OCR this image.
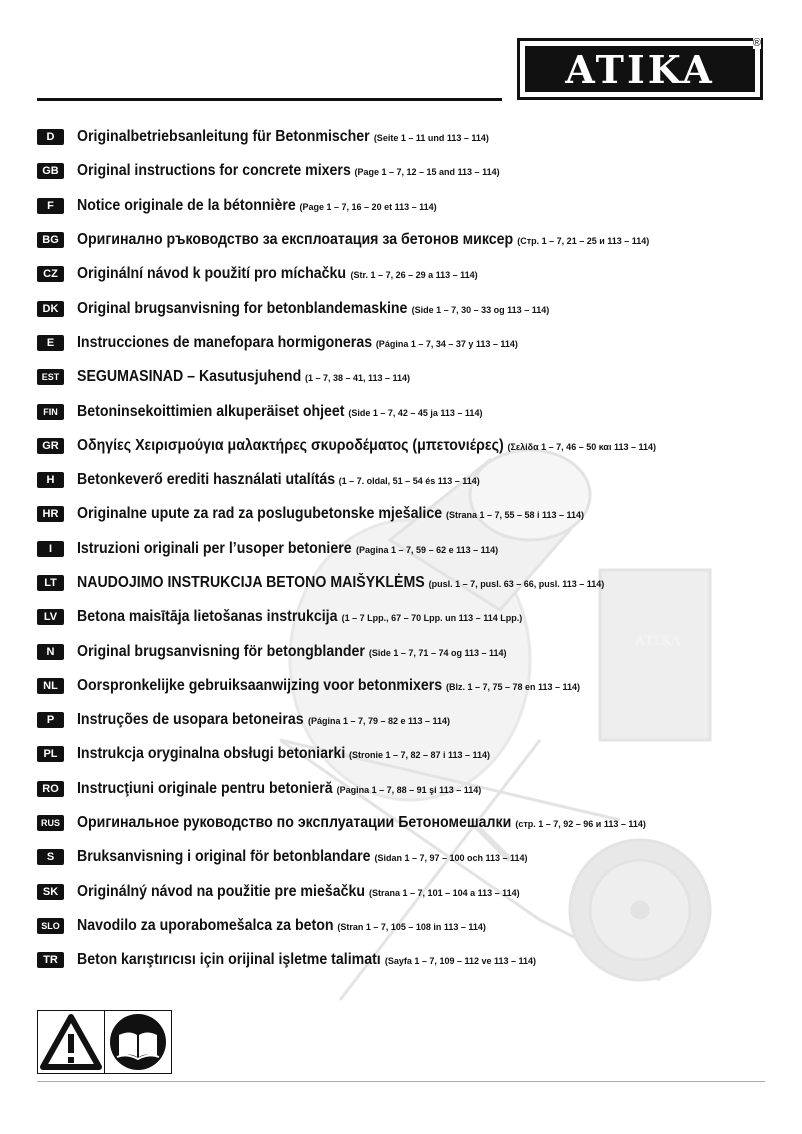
ATIKA
ATIKA
®
D	Originalbetriebsanleitung für Betonmischer (Seite 1 – 11 und 113 – 114)
GB	Original instructions for concrete mixers (Page 1 – 7, 12 – 15 and 113 – 114)
F	Notice originale de la bétonnière (Page 1 – 7, 16 – 20 et 113 – 114)
BG	Оригинално ръководство за експлоатация за бетонов миксер (Стр. 1 – 7, 21 – 25 и 113 – 114)
CZ	Originální návod k použití pro míchačku (Str. 1 – 7, 26 – 29 a 113 – 114)
DK	Original brugsanvisning for betonblandemaskine (Side 1 – 7, 30 – 33 og 113 – 114)
E	Instrucciones de manefopara hormigoneras (Página 1 – 7, 34 – 37 y 113 – 114)
EST	SEGUMASINAD – Kasutusjuhend (1 – 7, 38 – 41, 113 – 114)
FIN	Betoninsekoittimien alkuperäiset ohjeet (Side 1 – 7, 42 – 45 ja 113 – 114)
GR	Οδηγίες Χειρισμούγια μαλακτήρες σκυροδέματος (μπετονιέρες) (Σελίδα 1 – 7, 46 – 50 και 113 – 114)
H	Betonkeverő erediti használati utalítás (1 – 7. oldal, 51 – 54 és 113 – 114)
HR	Originalne upute za rad za poslugubetonske mješalice (Strana 1 – 7, 55 – 58 i 113 – 114)
I	Istruzioni originali per l’usoper betoniere (Pagina 1 – 7, 59 – 62 e 113 – 114)
LT	NAUDOJIMO INSTRUKCIJA BETONO MAIŠYKLĖMS (pusl. 1 – 7, pusl. 63 – 66, pusl. 113 – 114)
LV	Betona maisītāja lietošanas instrukcija (1 – 7 Lpp., 67 – 70 Lpp. un 113 – 114 Lpp.)
N	Original brugsanvisning för betongblander (Side 1 – 7, 71 – 74 og 113 – 114)
NL	Oorspronkelijke gebruiksaanwijzing voor betonmixers (Blz. 1 – 7, 75 – 78 en 113 – 114)
P	Instruções de usopara betoneiras (Página 1 – 7, 79 – 82 e 113 – 114)
PL	Instrukcja oryginalna obsługi betoniarki (Stronie 1 – 7, 82 – 87 i 113 – 114)
RO	Instrucţiuni originale pentru betonieră (Pagina 1 – 7, 88 – 91 şi 113 – 114)
RUS Оригинальное руководство по эксплуатации Бетономешалки (стр. 1 – 7, 92 – 96 и 113 – 114)
S	Bruksanvisning i original för betonblandare (Sidan 1 – 7, 97 – 100 och 113 – 114)
SK	Originálný návod na použitie pre miešačku (Strana 1 – 7, 101 – 104 a 113 – 114)
SLO Navodilo za uporabomešalca za beton (Stran 1 – 7, 105 – 108 in 113 – 114)
TR	Beton karıştırıcısı için orijinal işletme talimatı (Sayfa 1 – 7, 109 – 112 ve 113 – 114)
